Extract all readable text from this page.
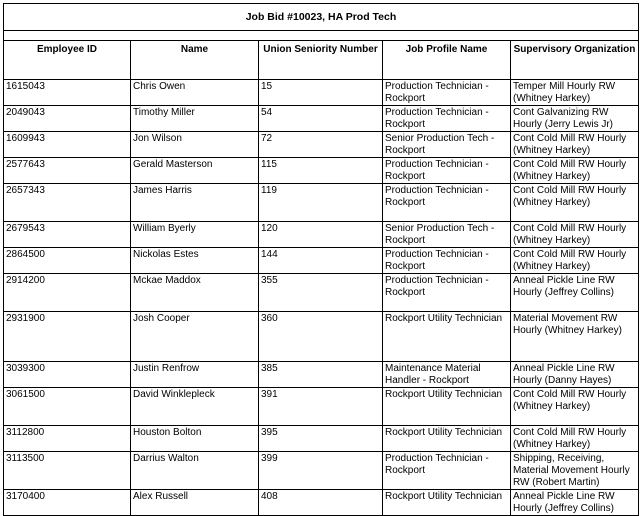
Job Bid #10023, HA Prod Tech				

Employee ID	Name	Union Seniority Number	Job Profile Name	Supervisory Organization
1615043	Chris Owen	15	Production Technician - Rockport	Temper Mill Hourly RW (Whitney Harkey)
2049043	Timothy Miller	54	Production Technician - Rockport	Cont Galvanizing RW Hourly (Jerry Lewis Jr)
1609943	Jon Wilson	72	Senior Production Tech - Rockport	Cont Cold Mill RW Hourly (Whitney Harkey)
2577643	Gerald Masterson	115	Production Technician - Rockport	Cont Cold Mill RW Hourly (Whitney Harkey)
2657343	James Harris	119	Production Technician - Rockport	Cont Cold Mill RW Hourly (Whitney Harkey)
2679543	William Byerly	120	Senior Production Tech - Rockport	Cont Cold Mill RW Hourly (Whitney Harkey)
2864500	Nickolas Estes	144	Production Technician - Rockport	Cont Cold Mill RW Hourly (Whitney Harkey)
2914200	Mckae Maddox	355	Production Technician - Rockport	Anneal Pickle Line RW Hourly (Jeffrey Collins)
2931900	Josh Cooper	360	Rockport Utility Technician	Material Movement RW Hourly (Whitney Harkey)
3039300	Justin Renfrow	385	Maintenance Material Handler - Rockport	Anneal Pickle Line RW Hourly (Danny Hayes)
3061500	David Winklepleck	391	Rockport Utility Technician	Cont Cold Mill RW Hourly (Whitney Harkey)
3112800	Houston Bolton	395	Rockport Utility Technician	Cont Cold Mill RW Hourly (Whitney Harkey)
3113500	Darrius Walton	399	Production Technician - Rockport	Shipping, Receiving, Material Movement Hourly RW (Robert Martin)
3170400	Alex Russell	408	Rockport Utility Technician	Anneal Pickle Line RW Hourly (Jeffrey Collins)
